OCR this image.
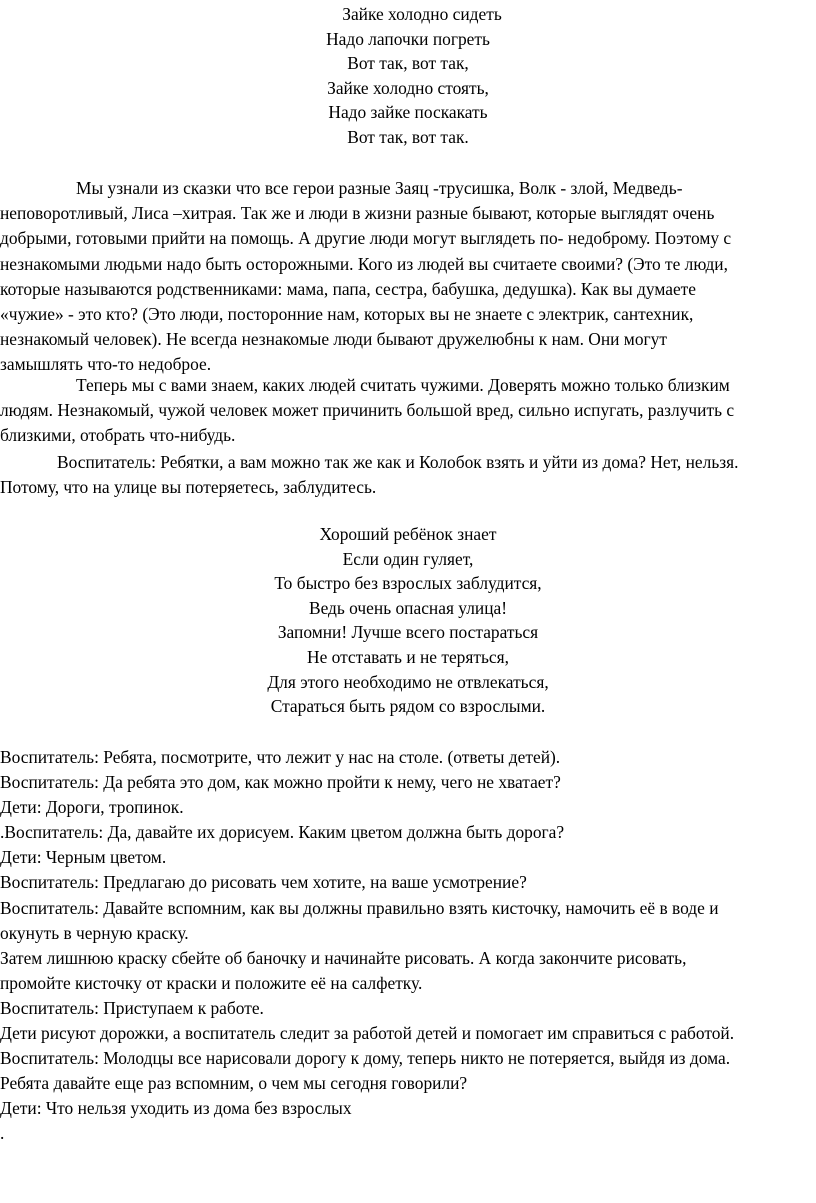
Зайке холодно сидеть
Надо лапочки погреть
Вот так, вот так,
Зайке холодно стоять,
Надо зайке поскакать
Вот так, вот так.
Мы узнали из сказки что все герои разные Заяц -трусишка, Волк - злой, Медведь-
неповоротливый, Лиса –хитрая. Так же и люди в жизни разные бывают, которые выглядят очень
добрыми, готовыми прийти на помощь. А другие люди могут выглядеть по- недоброму. Поэтому с
незнакомыми людьми надо быть осторожными. Кого из людей вы считаете своими? (Это те люди,
которые называются родственниками: мама, папа, сестра, бабушка, дедушка). Как вы думаете
«чужие» - это кто? (Это люди, посторонние нам, которых вы не знаете с электрик, сантехник,
незнакомый человек). Не всегда незнакомые люди бывают дружелюбны к нам. Они могут
замышлять что-то недоброе.
Теперь мы с вами знаем, каких людей считать чужими. Доверять можно только близким
людям. Незнакомый, чужой человек может причинить большой вред, сильно испугать, разлучить с
близкими, отобрать что-нибудь.
Воспитатель: Ребятки, а вам можно так же как и Колобок взять и уйти из дома? Нет, нельзя.
Потому, что на улице вы потеряетесь, заблудитесь.
Хороший ребёнок знает
Если один гуляет,
То быстро без взрослых заблудится,
Ведь очень опасная улица!
Запомни! Лучше всего постараться
Не отставать и не теряться,
Для этого необходимо не отвлекаться,
Стараться быть рядом со взрослыми.
Воспитатель: Ребята, посмотрите, что лежит у нас на столе. (ответы детей).
Воспитатель: Да ребята это дом, как можно пройти к нему, чего не хватает?
Дети: Дороги, тропинок.
.Воспитатель: Да, давайте их дорисуем. Каким цветом должна быть дорога?
Дети: Черным цветом.
Воспитатель: Предлагаю до рисовать чем хотите, на ваше усмотрение?
Воспитатель: Давайте вспомним, как вы должны правильно взять кисточку, намочить её в воде и
окунуть в черную краску.
Затем лишнюю краску сбейте об баночку и начинайте рисовать. А когда закончите рисовать,
промойте кисточку от краски и положите её на салфетку.
Воспитатель: Приступаем к работе.
Дети рисуют дорожки, а воспитатель следит за работой детей и помогает им справиться с работой.
Воспитатель: Молодцы все нарисовали дорогу к дому, теперь никто не потеряется, выйдя из дома.
Ребята давайте еще раз вспомним, о чем мы сегодня говорили?
Дети: Что нельзя уходить из дома без взрослых
.
